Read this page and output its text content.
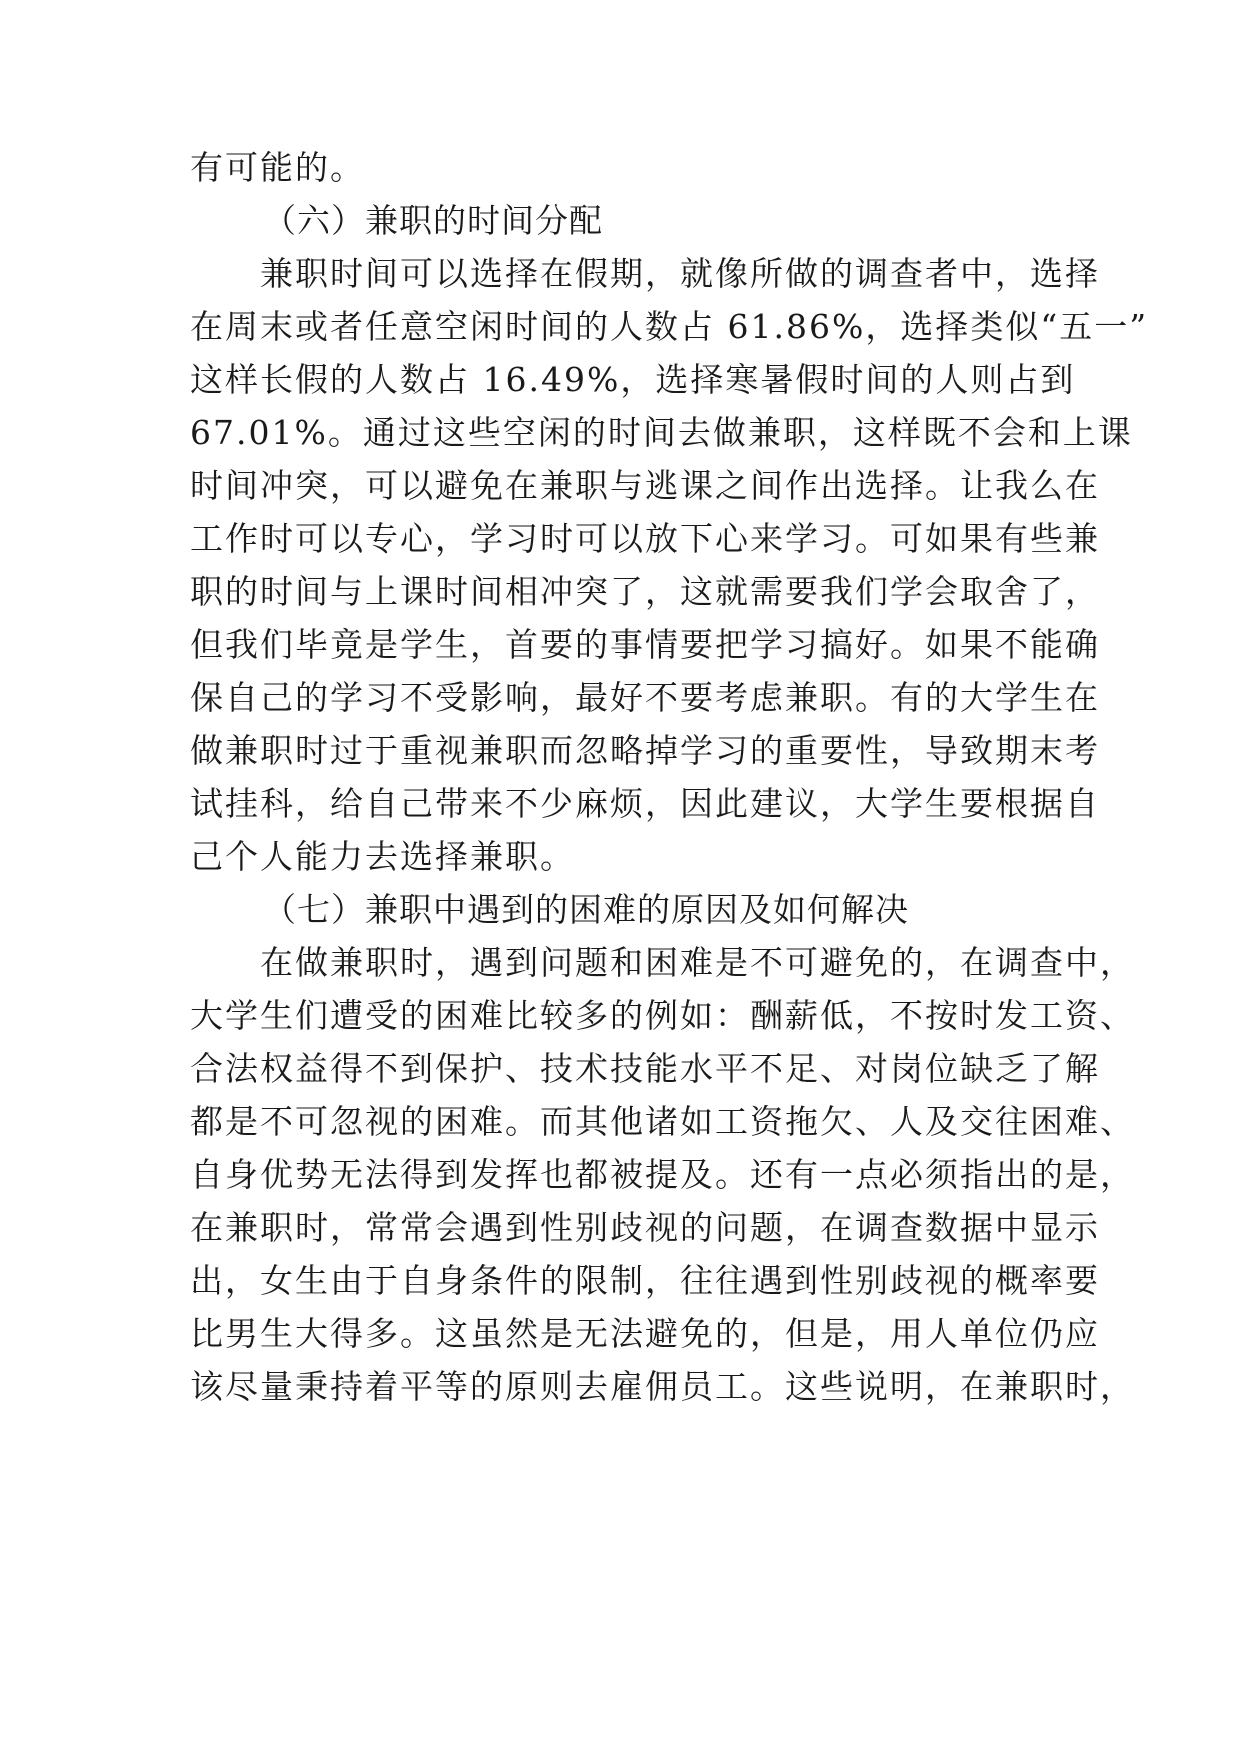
有可能的。
（六）兼职的时间分配
兼职时间可以选择在假期，就像所做的调查者中，选择
在周末或者任意空闲时间的人数占 61.86%，选择类似“五一”
这样长假的人数占 16.49%，选择寒暑假时间的人则占到
67.01%。通过这些空闲的时间去做兼职，这样既不会和上课
时间冲突，可以避免在兼职与逃课之间作出选择。让我么在
工作时可以专心，学习时可以放下心来学习。可如果有些兼
职的时间与上课时间相冲突了，这就需要我们学会取舍了，
但我们毕竟是学生，首要的事情要把学习搞好。如果不能确
保自己的学习不受影响，最好不要考虑兼职。有的大学生在
做兼职时过于重视兼职而忽略掉学习的重要性，导致期末考
试挂科，给自己带来不少麻烦，因此建议，大学生要根据自
己个人能力去选择兼职。
（七）兼职中遇到的困难的原因及如何解决
在做兼职时，遇到问题和困难是不可避免的，在调查中，
大学生们遭受的困难比较多的例如：酬薪低，不按时发工资、
合法权益得不到保护、技术技能水平不足、对岗位缺乏了解
都是不可忽视的困难。而其他诸如工资拖欠、人及交往困难、
自身优势无法得到发挥也都被提及。还有一点必须指出的是，
在兼职时，常常会遇到性别歧视的问题，在调查数据中显示
出，女生由于自身条件的限制，往往遇到性别歧视的概率要
比男生大得多。这虽然是无法避免的，但是，用人单位仍应
该尽量秉持着平等的原则去雇佣员工。这些说明，在兼职时，
